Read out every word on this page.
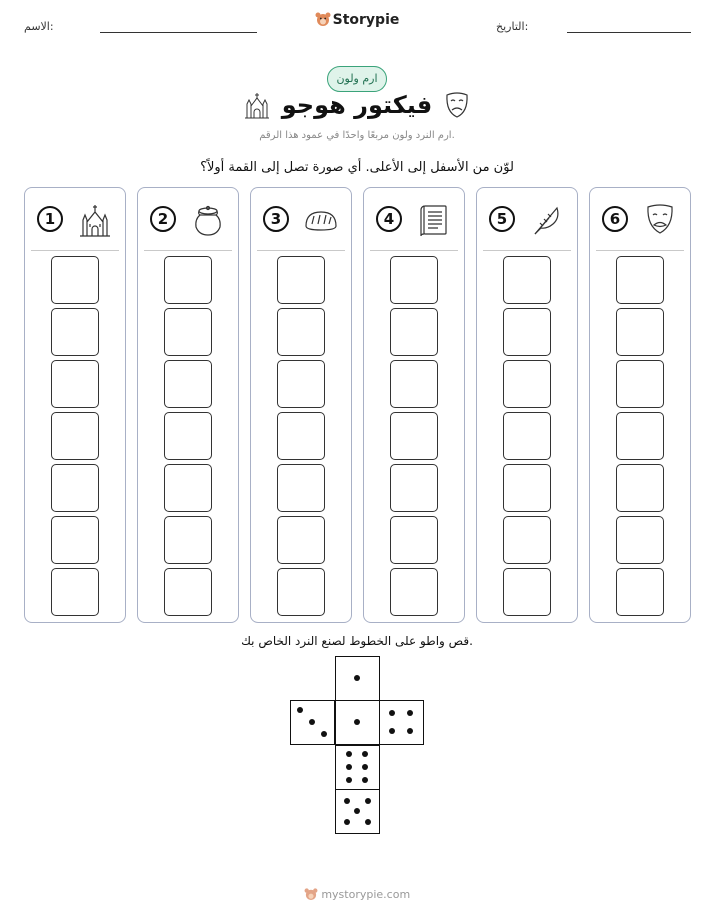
الاسم:	Storypie	التاريخ:
ارم ولون
فيكتور هوجو
ارم النرد ولون مربعًا واحدًا في عمود هذا الرقم.
لوّن من الأسفل إلى الأعلى. أي صورة تصل إلى القمة أولاً؟
1	2	3	4	5	6
قص واطو على الخطوط لصنع النرد الخاص بك.
mystorypie.com
